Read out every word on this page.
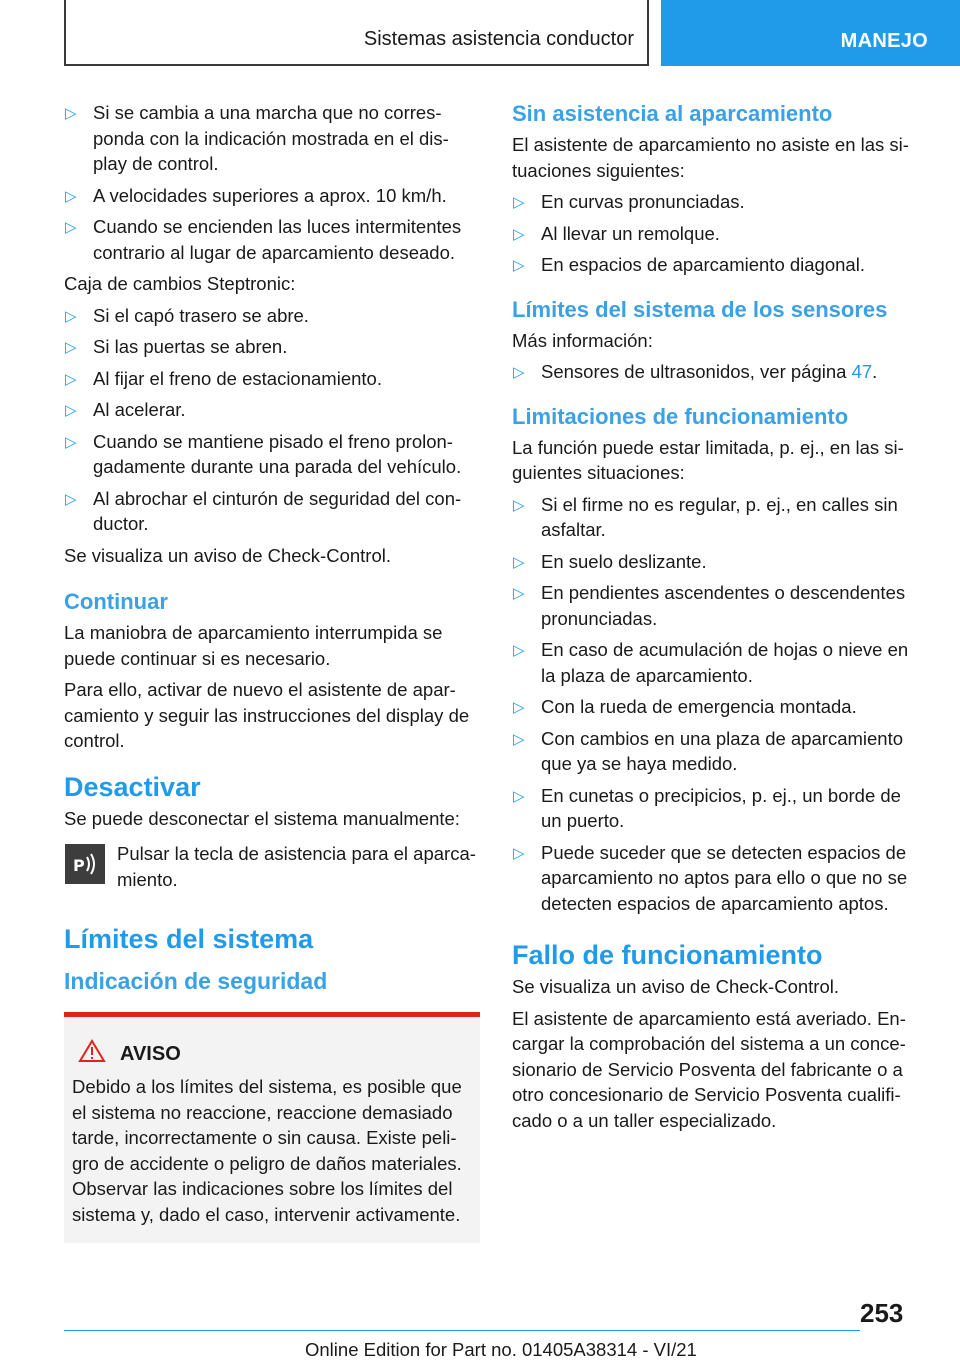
Sistemas asistencia conductor	MANEJO
▷ Si se cambia a una marcha que no corres‐ponda con la indicación mostrada en el dis‐play de control.
▷ A velocidades superiores a aprox. 10 km/h.
▷ Cuando se encienden las luces intermitentes contrario al lugar de aparcamiento deseado.

Caja de cambios Steptronic:

▷ Si el capó trasero se abre.
▷ Si las puertas se abren.
▷ Al fijar el freno de estacionamiento.
▷ Al acelerar.
▷ Cuando se mantiene pisado el freno prolon‐gadamente durante una parada del vehículo.
▷ Al abrochar el cinturón de seguridad del con‐ductor.

Se visualiza un aviso de Check-Control.

Continuar

La maniobra de aparcamiento interrumpida se puede continuar si es necesario.

Para ello, activar de nuevo el asistente de apar‐camiento y seguir las instrucciones del display de control.

Desactivar

Se puede desconectar el sistema manualmente:

P

Pulsar la tecla de asistencia para el aparca‐miento.

Límites del sistema
Indicación de seguridad
AVISO

Debido a los límites del sistema, es posible que el sistema no reaccione, reaccione demasiado tarde, incorrectamente o sin causa. Existe peli‐gro de accidente o peligro de daños materiales. Observar las indicaciones sobre los límites del sistema y, dado el caso, intervenir activamente.

Sin asistencia al aparcamiento

El asistente de aparcamiento no asiste en las si‐tuaciones siguientes:

▷ En curvas pronunciadas.
▷ Al llevar un remolque.
▷ En espacios de aparcamiento diagonal.
Límites del sistema de los sensores

Más información:

▷ Sensores de ultrasonidos, ver página 47.
Limitaciones de funcionamiento

La función puede estar limitada, p. ej., en las si‐guientes situaciones:

▷ Si el firme no es regular, p. ej., en calles sin asfaltar.
▷ En suelo deslizante.
▷ En pendientes ascendentes o descendentes pronunciadas.
▷ En caso de acumulación de hojas o nieve en la plaza de aparcamiento.
▷ Con la rueda de emergencia montada.
▷ Con cambios en una plaza de aparcamiento que ya se haya medido.
▷ En cunetas o precipicios, p. ej., un borde de un puerto.
▷ Puede suceder que se detecten espacios de aparcamiento no aptos para ello o que no se detecten espacios de aparcamiento aptos.
Fallo de funcionamiento

Se visualiza un aviso de Check-Control.

El asistente de aparcamiento está averiado. En‐cargar la comprobación del sistema a un conce‐sionario de Servicio Posventa del fabricante o a otro concesionario de Servicio Posventa cualifi‐cado o a un taller especializado.

253
Online Edition for Part no. 01405A38314 - VI/21
